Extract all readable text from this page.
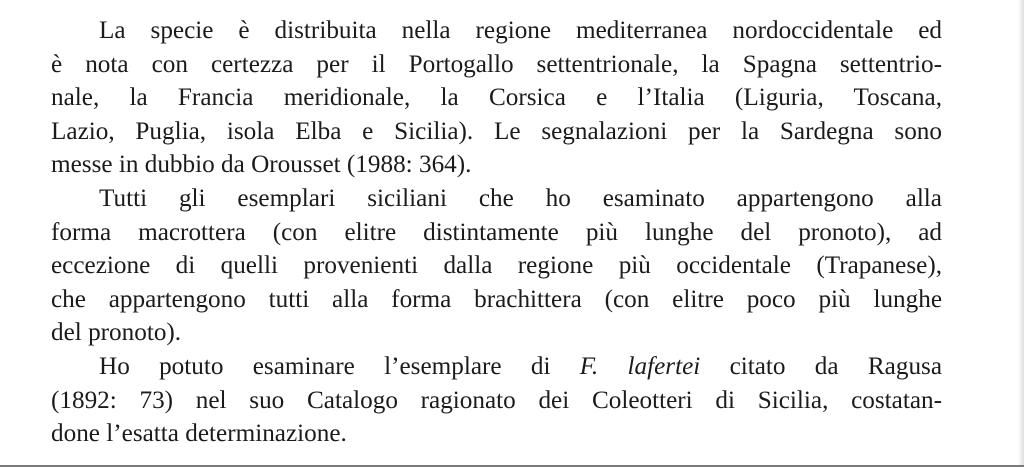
La specie è distribuita nella regione mediterranea nordoccidentale ed
è nota con certezza per il Portogallo settentrionale, la Spagna settentrio-
nale, la Francia meridionale, la Corsica e l’Italia (Liguria, Toscana,
Lazio, Puglia, isola Elba e Sicilia). Le segnalazioni per la Sardegna sono
messe in dubbio da Orousset (1988: 364).

Tutti gli esemplari siciliani che ho esaminato appartengono alla
forma macrottera (con elitre distintamente più lunghe del pronoto), ad
eccezione di quelli provenienti dalla regione più occidentale (Trapanese),
che appartengono tutti alla forma brachittera (con elitre poco più lunghe
del pronoto).

Ho potuto esaminare l’esemplare di F. lafertei citato da Ragusa
(1892: 73) nel suo Catalogo ragionato dei Coleotteri di Sicilia, costatan-
done l’esatta determinazione.
